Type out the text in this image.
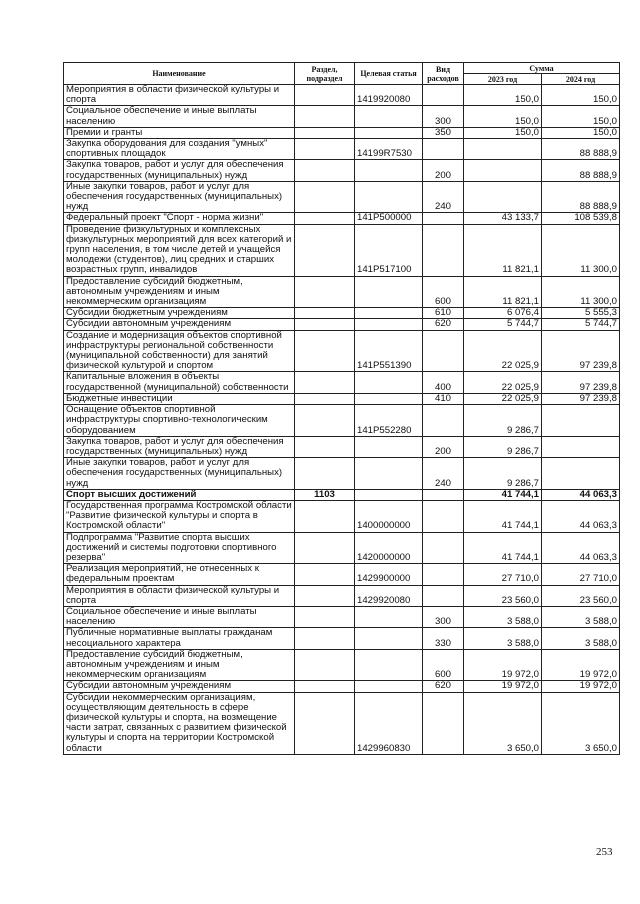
Наименование	Раздел, подраздел	Целевая статья	Вид расходов	Сумма	
				2023 год	2024 год
Мероприятия в области физической культуры и спорта		1419920080		150,0	150,0
Социальное обеспечение и иные выплаты населению			300	150,0	150,0
Премии и гранты			350	150,0	150,0
Закупка оборудования для создания "умных" спортивных площадок		14199R7530			88 888,9
Закупка товаров, работ и услуг для обеспечения государственных (муниципальных) нужд			200		88 888,9
Иные закупки товаров, работ и услуг для обеспечения государственных (муниципальных) нужд			240		88 888,9
Федеральный проект "Спорт - норма жизни"		141P500000		43 133,7	108 539,8
Проведение физкультурных и комплексных физкультурных мероприятий для всех категорий и групп населения, в том числе детей и учащейся молодежи (студентов), лиц средних и старших возрастных групп, инвалидов		141P517100		11 821,1	11 300,0
Предоставление субсидий бюджетным, автономным учреждениям и иным некоммерческим организациям			600	11 821,1	11 300,0
Субсидии бюджетным учреждениям			610	6 076,4	5 555,3
Субсидии автономным учреждениям			620	5 744,7	5 744,7
Создание и модернизация объектов спортивной инфраструктуры региональной собственности (муниципальной собственности) для занятий физической культурой и спортом		141P551390		22 025,9	97 239,8
Капитальные вложения в объекты государственной (муниципальной) собственности			400	22 025,9	97 239,8
Бюджетные инвестиции			410	22 025,9	97 239,8
Оснащение объектов спортивной инфраструктуры спортивно-технологическим оборудованием		141P552280		9 286,7	
Закупка товаров, работ и услуг для обеспечения государственных (муниципальных) нужд			200	9 286,7	
Иные закупки товаров, работ и услуг для обеспечения государственных (муниципальных) нужд			240	9 286,7	
Спорт высших достижений	1103			41 744,1	44 063,3
Государственная программа Костромской области "Развитие физической культуры и спорта в Костромской области"		1400000000		41 744,1	44 063,3
Подпрограмма "Развитие спорта высших достижений и системы подготовки спортивного резерва"		1420000000		41 744,1	44 063,3
Реализация мероприятий, не отнесенных к федеральным проектам		1429900000		27 710,0	27 710,0
Мероприятия в области физической культуры и спорта		1429920080		23 560,0	23 560,0
Социальное обеспечение и иные выплаты населению			300	3 588,0	3 588,0
Публичные нормативные выплаты гражданам несоциального характера			330	3 588,0	3 588,0
Предоставление субсидий бюджетным, автономным учреждениям и иным некоммерческим организациям			600	19 972,0	19 972,0
Субсидии автономным учреждениям			620	19 972,0	19 972,0
Субсидии некоммерческим организациям, осуществляющим деятельность в сфере физической культуры и спорта, на возмещение части затрат, связанных с развитием физической культуры и спорта на территории Костромской области		1429960830		3 650,0	3 650,0
253
